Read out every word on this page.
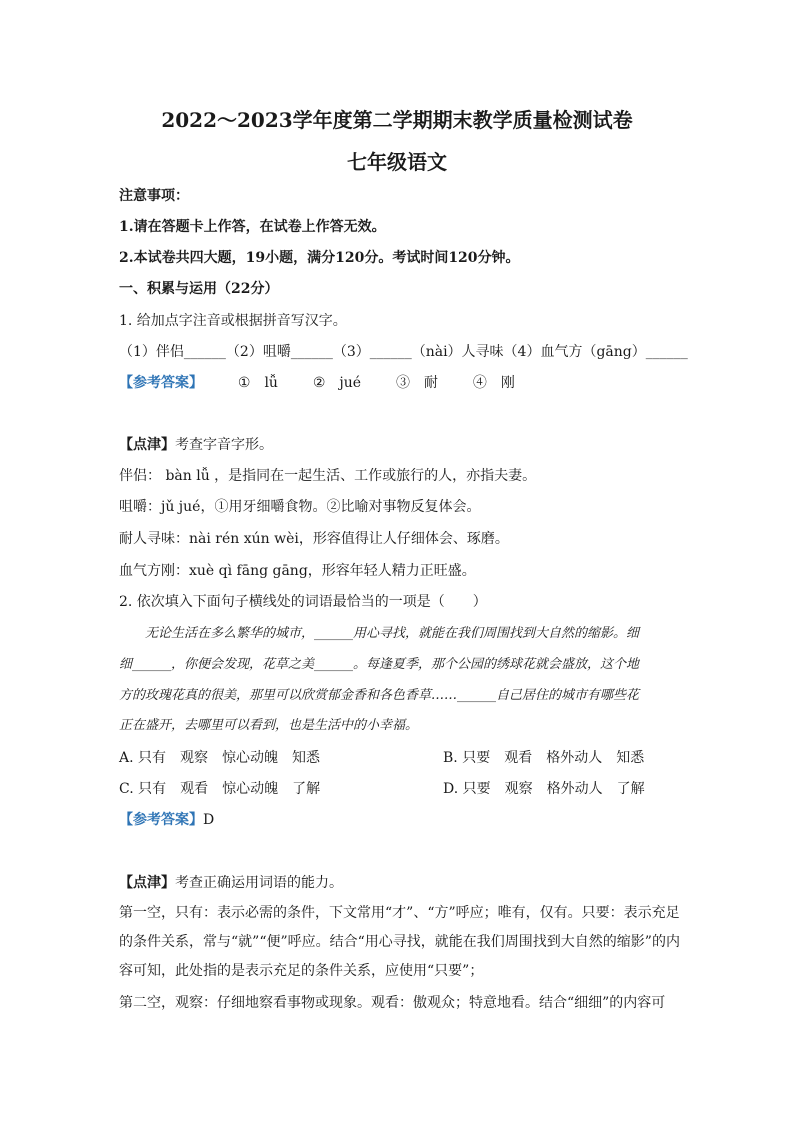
2022～2023学年度第二学期期末教学质量检测试卷
七年级语文
注意事项：
1.请在答题卡上作答，在试卷上作答无效。
2.本试卷共四大题，19小题，满分120分。考试时间120分钟。
一、积累与运用（22分）
1. 给加点字注音或根据拼音写汉字。
（1）伴侣______（2）咀嚼______（3）______（nài）人寻味（4）血气方（gāng）______
【参考答案】 ①　lǚ ②　jué ③　耐 ④　刚
【点津】考查字音字形。
伴侣： bàn lǚ ，是指同在一起生活、工作或旅行的人，亦指夫妻。
咀嚼：jǔ jué，①用牙细嚼食物。②比喻对事物反复体会。
耐人寻味：nài rén xún wèi，形容值得让人仔细体会、琢磨。
血气方刚：xuè qì fāng gāng，形容年轻人精力正旺盛。
2. 依次填入下面句子横线处的词语最恰当的一项是（　　）
无论生活在多么繁华的城市，______用心寻找，就能在我们周围找到大自然的缩影。细
细______，你便会发现，花草之美______。每逢夏季，那个公园的绣球花就会盛放，这个地
方的玫瑰花真的很美，那里可以欣赏郁金香和各色香草……______自己居住的城市有哪些花
正在盛开，去哪里可以看到，也是生活中的小幸福。
A. 只有　观察　惊心动魄　知悉	B. 只要　观看　格外动人　知悉
C. 只有　观看　惊心动魄　了解	D. 只要　观察　格外动人　了解
【参考答案】D
【点津】考查正确运用词语的能力。
第一空，只有：表示必需的条件，下文常用“才”、“方”呼应；唯有，仅有。只要：表示充足的条件关系，常与“就”“便”呼应。结合“用心寻找，就能在我们周围找到大自然的缩影”的内容可知，此处指的是表示充足的条件关系，应使用“只要”；
第二空，观察：仔细地察看事物或现象。观看：傲观众；特意地看。结合“细细”的内容可
